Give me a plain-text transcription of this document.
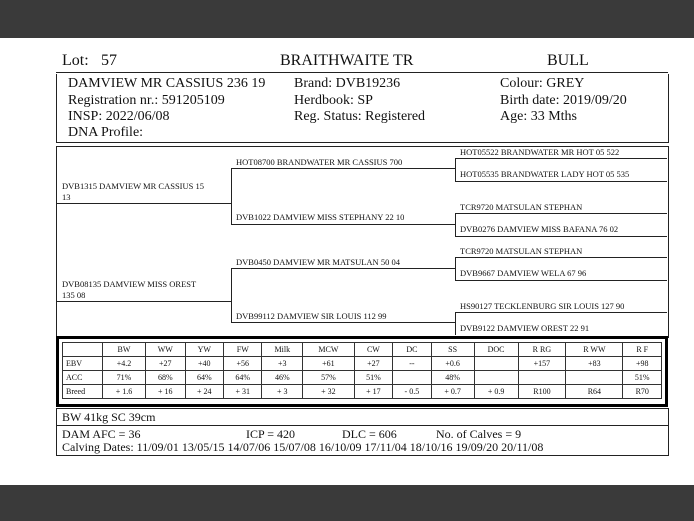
Lot: 57	BRAITHWAITE TR	BULL
DAMVIEW MR CASSIUS 236 19
Registration nr.: 591205109
INSP: 2022/06/08
DNA Profile:
Brand: DVB19236
Herdbook: SP
Reg. Status: Registered
Colour: GREY
Birth date: 2019/09/20
Age: 33 Mths
DVB1315 DAMVIEW MR CASSIUS 15
13
DVB08135 DAMVIEW MISS OREST
135 08
HOT08700 BRANDWATER MR CASSIUS 700
DVB1022 DAMVIEW MISS STEPHANY 22 10
DVB0450 DAMVIEW MR MATSULAN 50 04
DVB99112 DAMVIEW SIR LOUIS 112 99
HOT05522 BRANDWATER MR HOT 05 522
HOT05535 BRANDWATER LADY HOT 05 535
TCR9720 MATSULAN STEPHAN
DVB0276 DAMVIEW MISS BAFANA 76 02
TCR9720 MATSULAN STEPHAN
DVB9667 DAMVIEW WELA 67 96
HS90127 TECKLENBURG SIR LOUIS 127 90
DVB9122 DAMVIEW OREST 22 91
	BW	WW	YW	FW	Milk	MCW	CW	DC	SS	DOC	R RG	R WW	R F
EBV	+4.2	+27	+40	+56	+3	+61	+27	--	+0.6		+157	+83	+98
ACC	71%	68%	64%	64%	46%	57%	51%		48%				51%
Breed	+ 1.6	+ 16	+ 24	+ 31	+ 3	+ 32	+ 17	- 0.5	+ 0.7	+ 0.9	R100	R64	R70
BW 41kg SC 39cm
DAM AFC = 36	ICP = 420	DLC = 606	No. of Calves = 9
Calving Dates: 11/09/01 13/05/15 14/07/06 15/07/08 16/10/09 17/11/04 18/10/16 19/09/20 20/11/08
